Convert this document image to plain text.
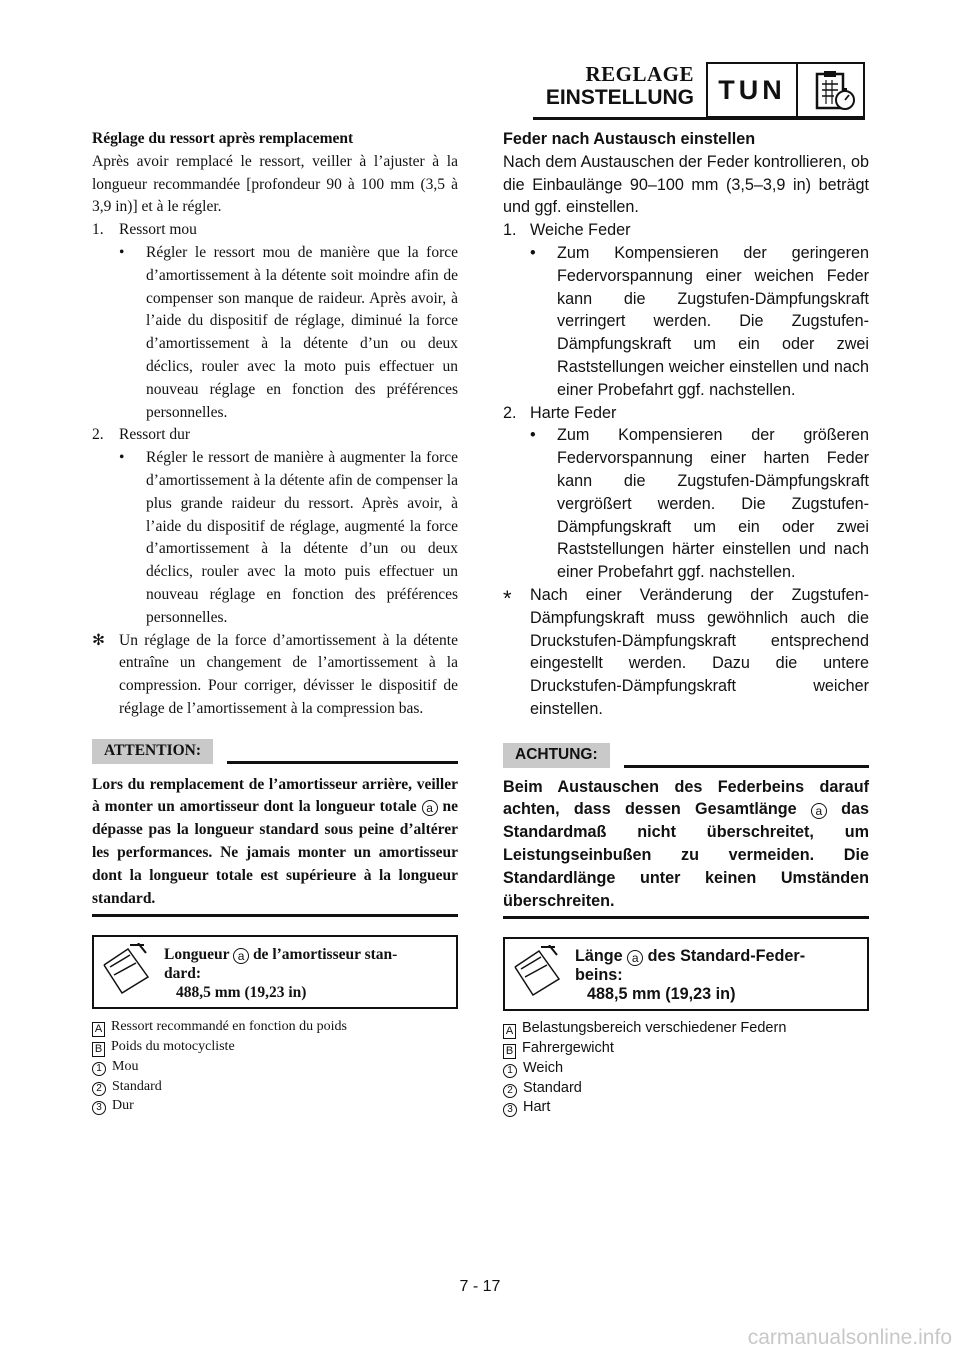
REGLAGE
EINSTELLUNG TUN

Réglage du ressort après remplacement

Après avoir remplacé le ressort, veiller à l’ajuster à la longueur recommandée [profondeur 90 à 100 mm (3,5 à 3,9 in)] et à le régler.

1. Ressort mou
• Régler le ressort mou de manière que la force d’amortissement à la détente soit moindre afin de compenser son manque de raideur. Après avoir, à l’aide du dispositif de réglage, diminué la force d’amortissement à la détente d’un ou deux déclics, rouler avec la moto puis effectuer un nouveau réglage en fonction des préférences personnelles.
2. Ressort dur
• Régler le ressort de manière à augmenter la force d’amortissement à la détente afin de compenser la plus grande raideur du ressort. Après avoir, à l’aide du dispositif de réglage, augmenté la force d’amortissement à la détente d’un ou deux déclics, rouler avec la moto puis effectuer un nouveau réglage en fonction des préférences personnelles.
✻ Un réglage de la force d’amortissement à la détente entraîne un changement de l’amortissement à la compression. Pour corriger, dévisser le dispositif de réglage de l’amortissement à la compression bas.
ATTENTION:

Lors du remplacement de l’amortisseur arrière, veiller à monter un amortisseur dont la longueur totale a ne dépasse pas la longueur standard sous peine d’altérer les performances. Ne jamais monter un amortisseur dont la longueur totale est supérieure à la longueur standard.

Longueur a de l’amortisseur stan-
dard:
488,5 mm (19,23 in)
A Ressort recommandé en fonction du poids
B Poids du motocycliste
1 Mou
2 Standard
3 Dur

Feder nach Austausch einstellen

Nach dem Austauschen der Feder kontrollieren, ob die Einbaulänge 90–100 mm (3,5–3,9 in) beträgt und ggf. einstellen.

1. Weiche Feder
• Zum Kompensieren der geringeren Federvorspannung einer weichen Feder kann die Zugstufen-Dämpfungskraft verringert werden. Die Zugstufen-Dämpfungskraft um ein oder zwei Raststellungen weicher einstellen und nach einer Probefahrt ggf. nachstellen.
2. Harte Feder
• Zum Kompensieren der größeren Federvorspannung einer harten Feder kann die Zugstufen-Dämpfungskraft vergrößert werden. Die Zugstufen-Dämpfungskraft um ein oder zwei Raststellungen härter einstellen und nach einer Probefahrt ggf. nachstellen.
* Nach einer Veränderung der Zugstufen-Dämpfungskraft muss gewöhnlich auch die Druckstufen-Dämpfungskraft entsprechend eingestellt werden. Dazu die untere Druckstufen-Dämpfungskraft weicher einstellen.
ACHTUNG:

Beim Austauschen des Federbeins darauf achten, dass dessen Gesamtlänge a das Standardmaß nicht überschreitet, um Leistungseinbußen zu vermeiden. Die Standardlänge unter keinen Umständen überschreiten.

Länge a des Standard-Feder-
beins:
488,5 mm (19,23 in)
A Belastungsbereich verschiedener Federn
B Fahrergewicht
1 Weich
2 Standard
3 Hart
7 - 17
carmanualsonline.info
